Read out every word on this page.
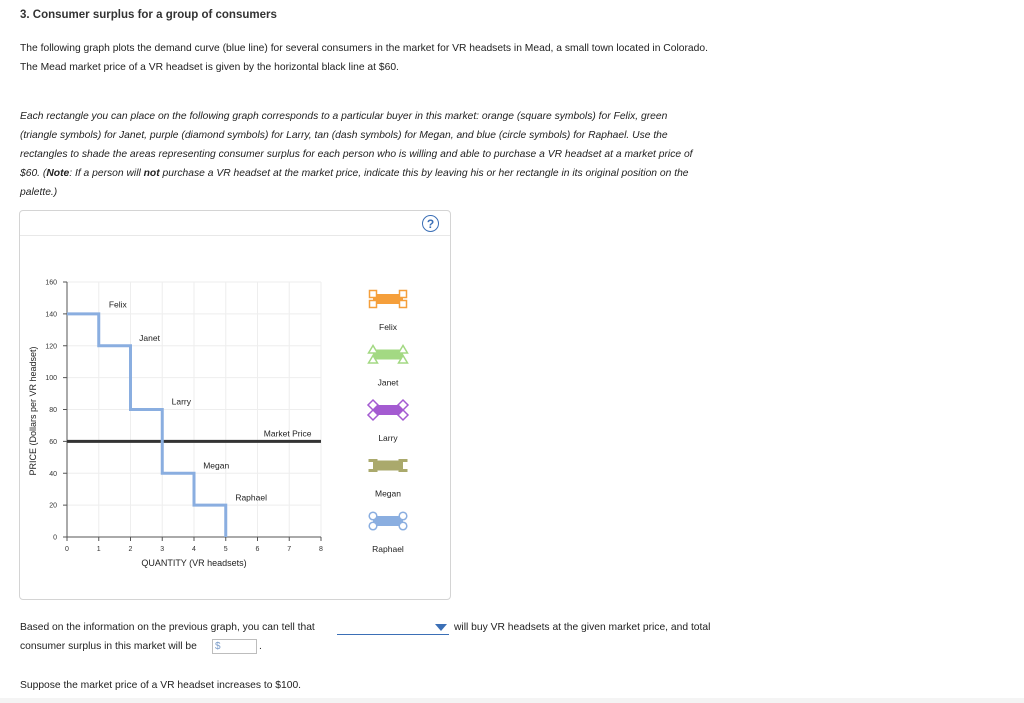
3. Consumer surplus for a group of consumers
The following graph plots the demand curve (blue line) for several consumers in the market for VR headsets in Mead, a small town located in Colorado.
The Mead market price of a VR headset is given by the horizontal black line at $60.
Each rectangle you can place on the following graph corresponds to a particular buyer in this market: orange (square symbols) for Felix, green
(triangle symbols) for Janet, purple (diamond symbols) for Larry, tan (dash symbols) for Megan, and blue (circle symbols) for Raphael. Use the
rectangles to shade the areas representing consumer surplus for each person who is willing and able to purchase a VR headset at a market price of
$60. (Note: If a person will not purchase a VR headset at the market price, indicate this by leaving his or her rectangle in its original position on the
palette.)
?
PRICE (Dollars per VR headset)
0
20
40
60
80
100
120
140
160
0	1	2	3	4	5	6	7	8
QUANTITY (VR headsets)
Felix
Janet
Larry
Megan
Raphael
Market Price
Felix
Janet
Larry
Megan
Raphael
Based on the information on the previous graph, you can tell that	will buy VR headsets at the given market price, and total
consumer surplus in this market will be	$	.
Suppose the market price of a VR headset increases to $100.
